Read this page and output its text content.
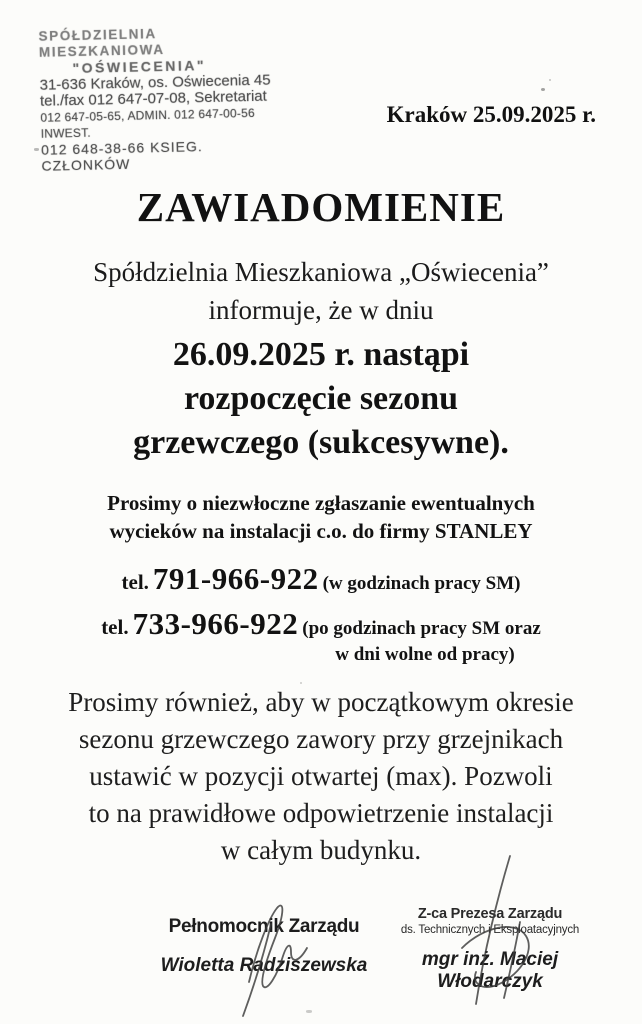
SPÓŁDZIELNIA MIESZKANIOWA
"OŚWIECENIA"
31-636 Kraków, os. Oświecenia 45
tel./fax 012 647-07-08, Sekretariat
012 647-05-65, ADMIN. 012 647-00-56 INWEST.
012 648-38-66 KSIEG. CZŁONKÓW
Kraków 25.09.2025 r.
ZAWIADOMIENIE
Spółdzielnia Mieszkaniowa „Oświecenia”
informuje, że w dniu
26.09.2025 r. nastąpi
rozpoczęcie sezonu
grzewczego (sukcesywne).
Prosimy o niezwłoczne zgłaszanie ewentualnych
wycieków na instalacji c.o. do firmy STANLEY
tel. 791-966-922 (w godzinach pracy SM)
tel. 733-966-922 (po godzinach pracy SM oraz
w dni wolne od pracy)
Prosimy również, aby w początkowym okresie
sezonu grzewczego zawory przy grzejnikach
ustawić w pozycji otwartej (max). Pozwoli
to na prawidłowe odpowietrzenie instalacji
w całym budynku.
Pełnomocnik Zarządu
Wioletta Radziszewska
Z-ca Prezesa Zarządu
ds. Technicznych i Eksploatacyjnych
mgr inż. Maciej Włodarczyk
